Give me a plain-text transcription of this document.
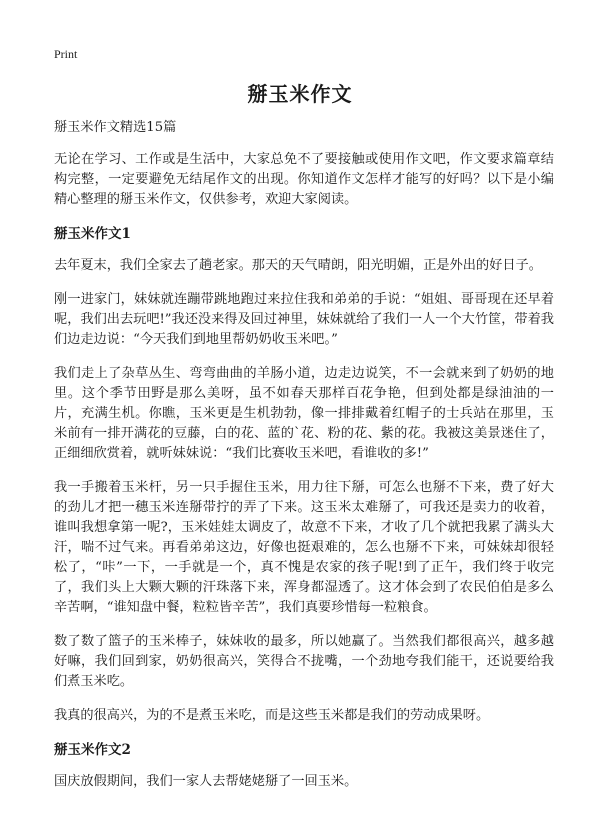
Print
掰玉米作文

掰玉米作文精选15篇

无论在学习、工作或是生活中，大家总免不了要接触或使用作文吧，作文要求篇章结构完整，一定要避免无结尾作文的出现。你知道作文怎样才能写的好吗？以下是小编精心整理的掰玉米作文，仅供参考，欢迎大家阅读。

掰玉米作文1

去年夏末，我们全家去了趟老家。那天的天气晴朗，阳光明媚，正是外出的好日子。

刚一进家门，妹妹就连蹦带跳地跑过来拉住我和弟弟的手说：“姐姐、哥哥现在还早着呢，我们出去玩吧!”我还没来得及回过神里，妹妹就给了我们一人一个大竹筐，带着我们边走边说：“今天我们到地里帮奶奶收玉米吧。”

我们走上了杂草丛生、弯弯曲曲的羊肠小道，边走边说笑，不一会就来到了奶奶的地里。这个季节田野是那么美呀，虽不如春天那样百花争艳，但到处都是绿油油的一片，充满生机。你瞧，玉米更是生机勃勃，像一排排戴着红帽子的士兵站在那里，玉米前有一排开满花的豆藤，白的花、蓝的`花、粉的花、紫的花。我被这美景迷住了，正细细欣赏着，就听妹妹说：“我们比赛收玉米吧，看谁收的多!”

我一手搬着玉米杆，另一只手握住玉米，用力往下掰，可怎么也掰不下来，费了好大的劲儿才把一穗玉米连掰带拧的弄了下来。这玉米太难掰了，可我还是卖力的收着，谁叫我想拿第一呢?，玉米娃娃太调皮了，故意不下来，才收了几个就把我累了满头大汗，喘不过气来。再看弟弟这边，好像也挺艰难的，怎么也掰不下来，可妹妹却很轻松了，“咔”一下，一手就是一个，真不愧是农家的孩子呢!到了正午，我们终于收完了，我们头上大颗大颗的汗珠落下来，浑身都湿透了。这才体会到了农民伯伯是多么辛苦啊，“谁知盘中餐，粒粒皆辛苦”，我们真要珍惜每一粒粮食。

数了数了篮子的玉米棒子，妹妹收的最多，所以她赢了。当然我们都很高兴，越多越好嘛，我们回到家，奶奶很高兴，笑得合不拢嘴，一个劲地夸我们能干，还说要给我们煮玉米吃。

我真的很高兴，为的不是煮玉米吃，而是这些玉米都是我们的劳动成果呀。

掰玉米作文2

国庆放假期间，我们一家人去帮姥姥掰了一回玉米。
